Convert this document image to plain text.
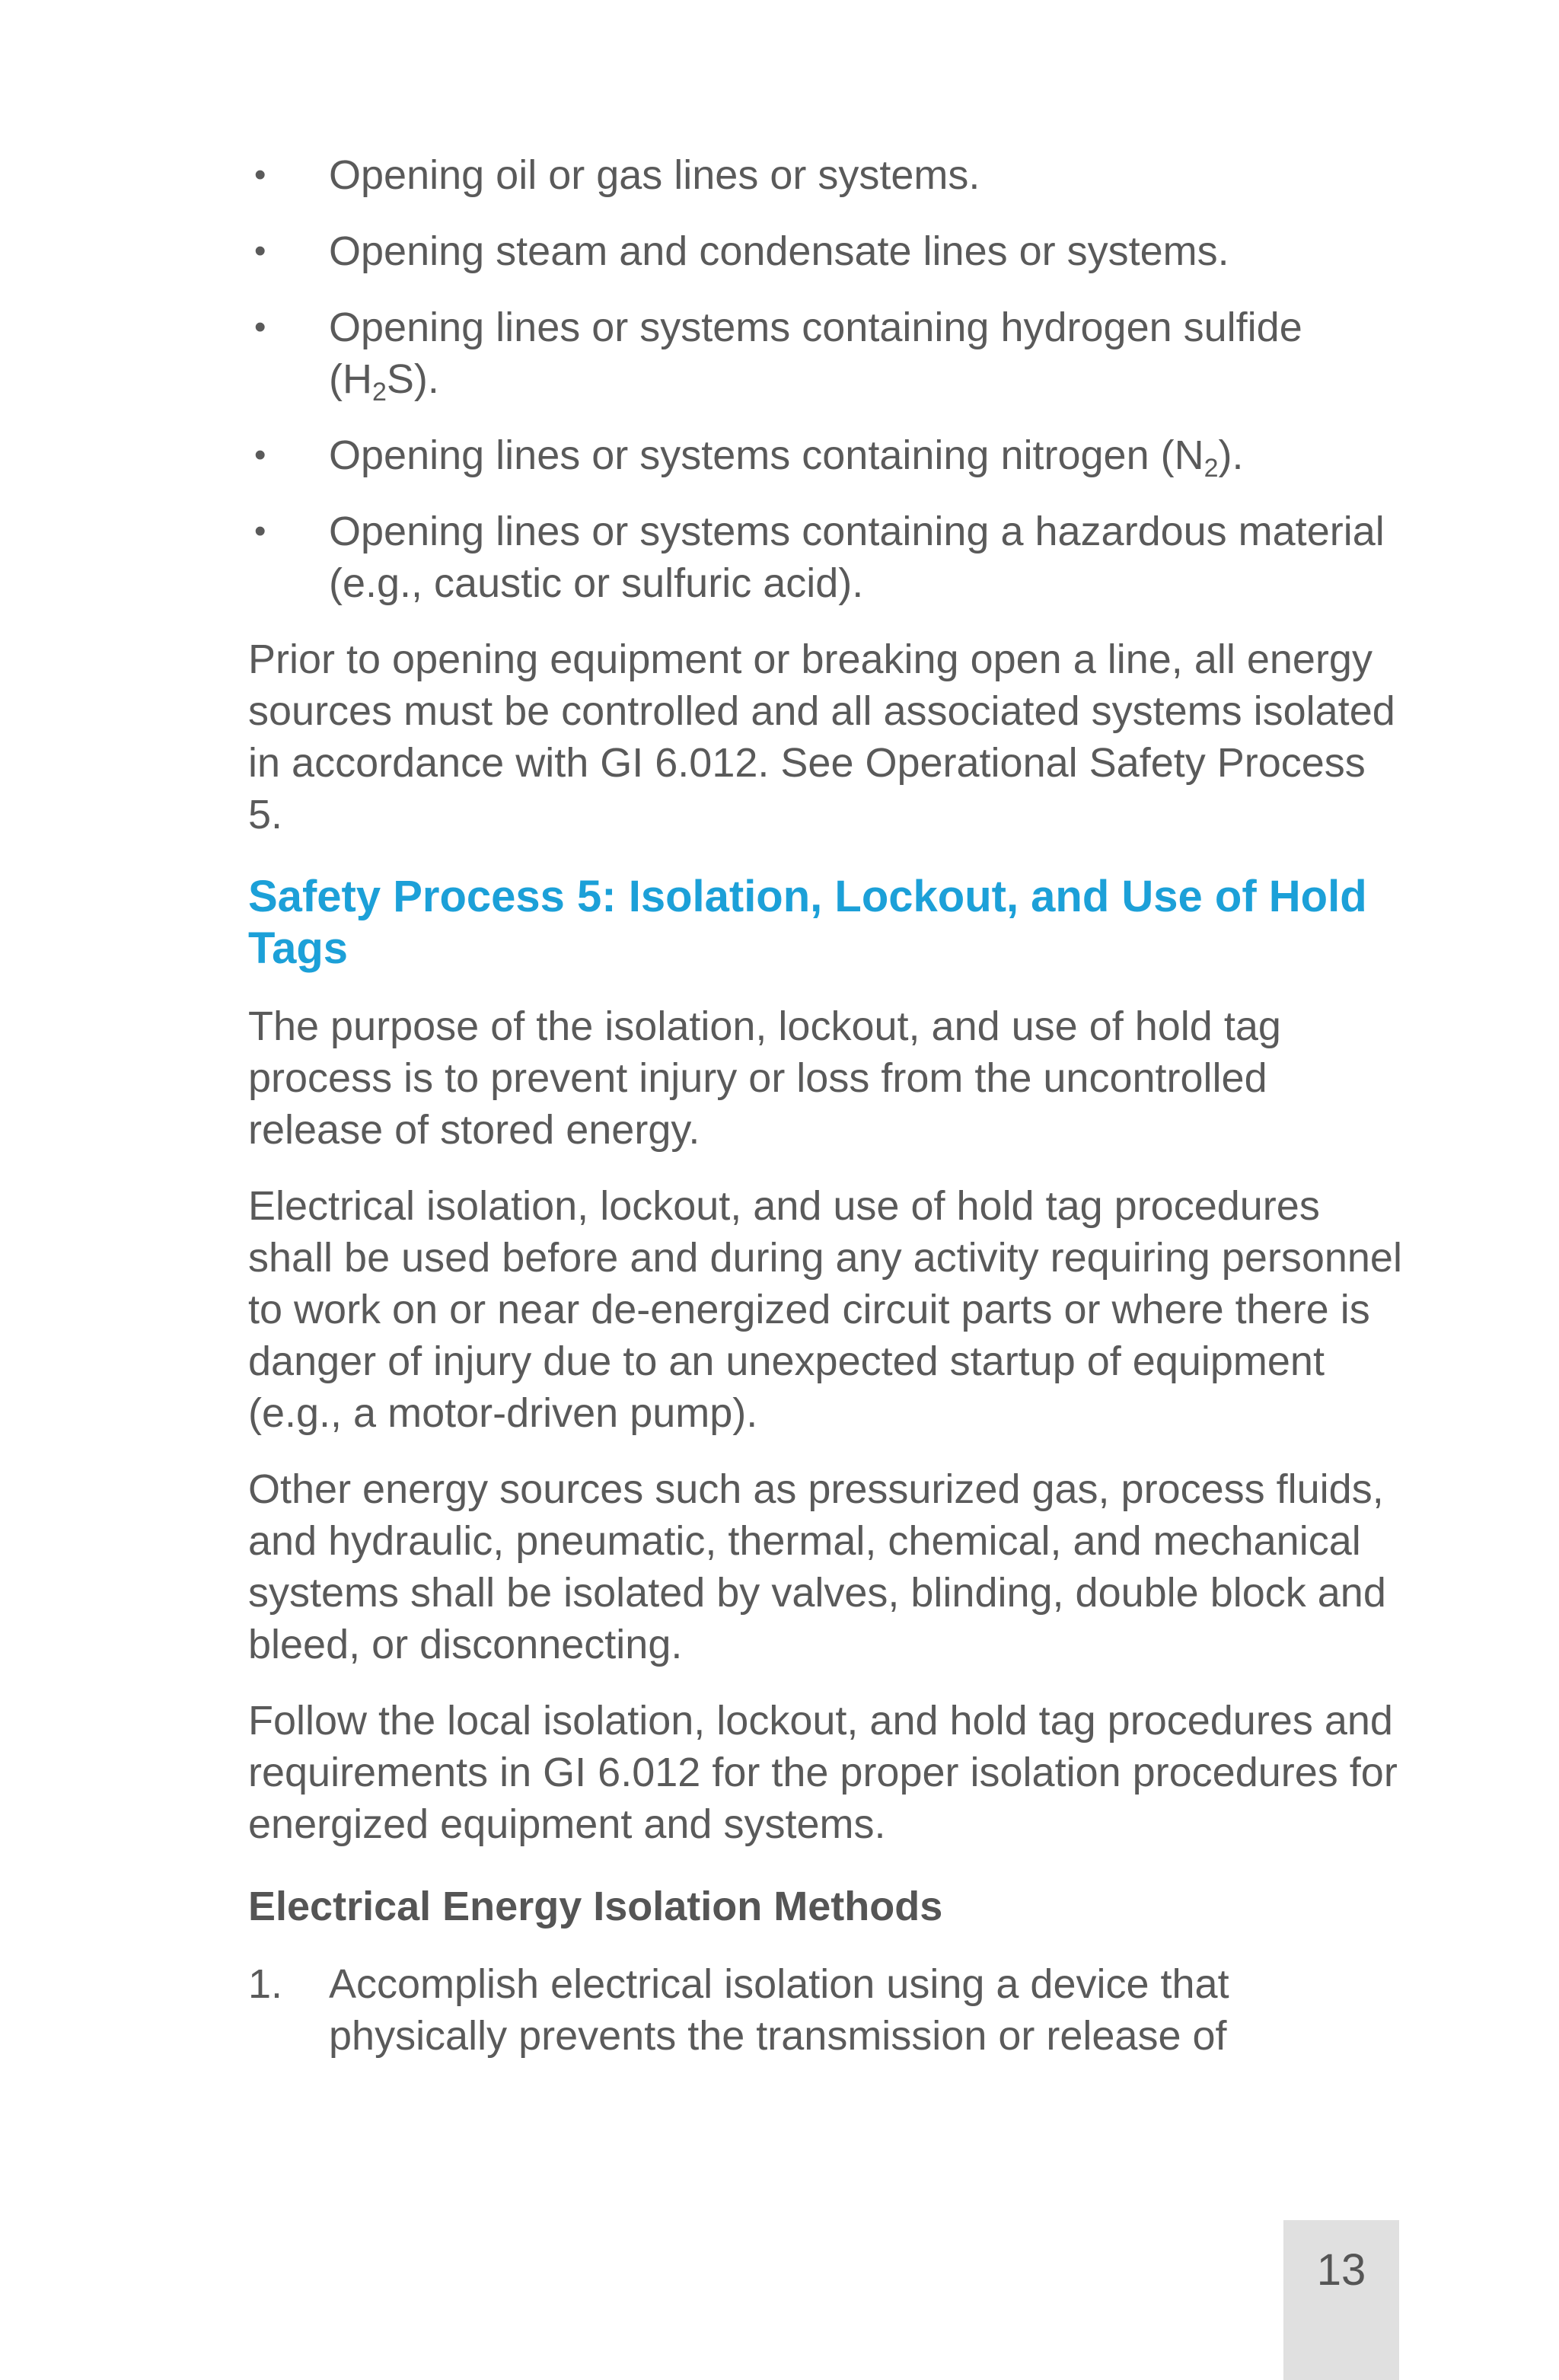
• Opening oil or gas lines or systems.
• Opening steam and condensate lines or systems.
• Opening lines or systems containing hydrogen sulfide $(H_2S)$.
• Opening lines or systems containing nitrogen $(N_2)$.
• Opening lines or systems containing a hazardous material (e.g., caustic or sulfuric acid).

Prior to opening equipment or breaking open a line, all energy sources must be controlled and all associated systems isolated in accordance with GI 6.012. See Operational Safety Process 5.

Safety Process 5: Isolation, Lockout, and Use of Hold Tags

The purpose of the isolation, lockout, and use of hold tag process is to prevent injury or loss from the uncontrolled release of stored energy.

Electrical isolation, lockout, and use of hold tag procedures shall be used before and during any activity requiring personnel to work on or near de-energized circuit parts or where there is danger of injury due to an unexpected startup of equipment (e.g., a motor-driven pump).

Other energy sources such as pressurized gas, process fluids, and hydraulic, pneumatic, thermal, chemical, and mechanical systems shall be isolated by valves, blinding, double block and bleed, or disconnecting.

Follow the local isolation, lockout, and hold tag procedures and requirements in GI 6.012 for the proper isolation procedures for energized equipment and systems.

Electrical Energy Isolation Methods
1. Accomplish electrical isolation using a device that physically prevents the transmission or release of
13
